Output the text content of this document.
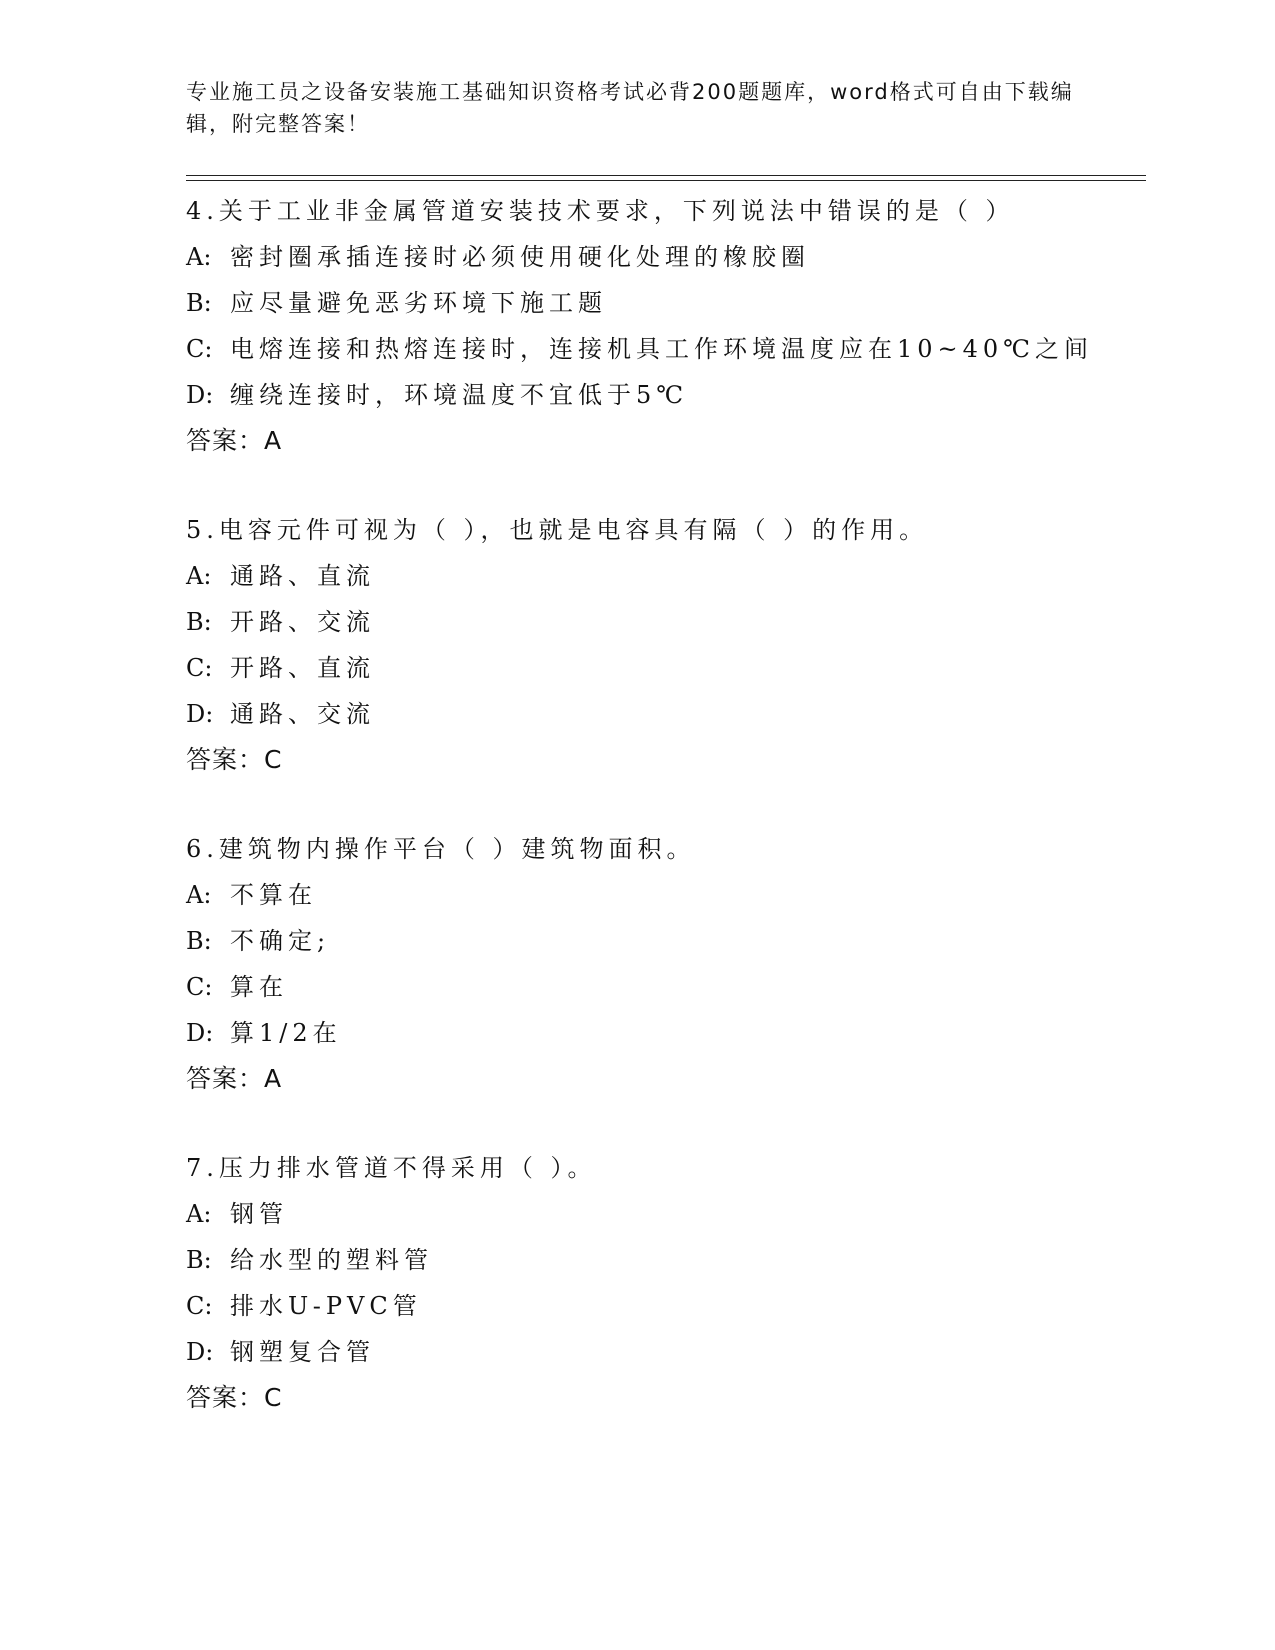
专业施工员之设备安装施工基础知识资格考试必背200题题库，word格式可自由下载编辑，附完整答案！
4.关于工业非金属管道安装技术要求，下列说法中错误的是（ ）
A: 密封圈承插连接时必须使用硬化处理的橡胶圈
B: 应尽量避免恶劣环境下施工题
C: 电熔连接和热熔连接时，连接机具工作环境温度应在10~40℃之间
D: 缠绕连接时，环境温度不宜低于5℃
答案：A
5.电容元件可视为（ ），也就是电容具有隔（ ）的作用。
A: 通路、直流
B: 开路、交流
C: 开路、直流
D: 通路、交流
答案：C
6.建筑物内操作平台（ ）建筑物面积。
A: 不算在
B: 不确定;
C: 算在
D: 算1/2在
答案：A
7.压力排水管道不得采用（ ）。
A: 钢管
B: 给水型的塑料管
C: 排水U-PVC管
D: 钢塑复合管
答案：C
